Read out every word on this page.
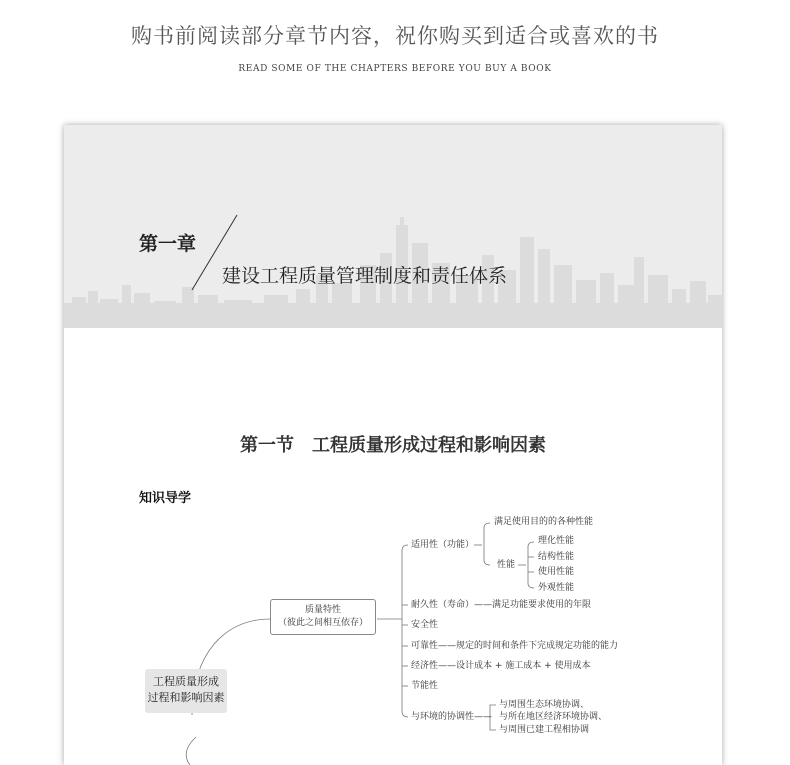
购书前阅读部分章节内容，祝你购买到适合或喜欢的书
READ SOME OF THE CHAPTERS BEFORE YOU BUY A BOOK
第一章
建设工程质量管理制度和责任体系
第一节　工程质量形成过程和影响因素
知识导学
工程质量形成
过程和影响因素
质量特性
（彼此之间相互依存）
适用性（功能）
满足使用目的的各种性能
性能
理化性能
结构性能
使用性能
外观性能
耐久性（寿命）——满足功能要求使用的年限
安全性
可靠性——规定的时间和条件下完成规定功能的能力
经济性——设计成本 + 施工成本 + 使用成本
节能性
与环境的协调性——
与周围生态环境协调、
与所在地区经济环境协调、
与周围已建工程相协调
